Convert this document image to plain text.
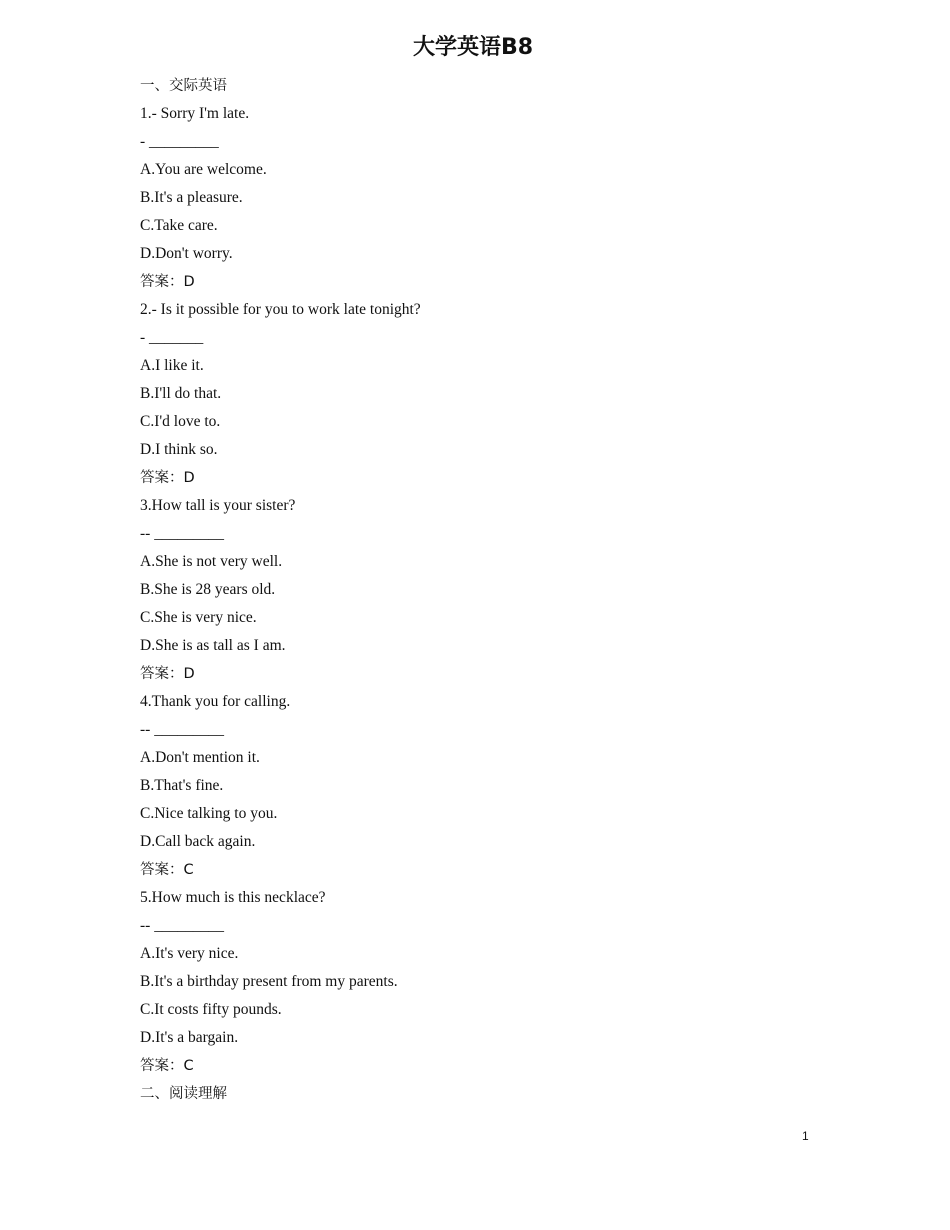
大学英语B8
一、交际英语
1.- Sorry I'm late.
- _________
A.You are welcome.
B.It's a pleasure.
C.Take care.
D.Don't worry.
答案：D
2.- Is it possible for you to work late tonight?
- _______
A.I like it.
B.I'll do that.
C.I'd love to.
D.I think so.
答案：D
3.How tall is your sister?
-- _________
A.She is not very well.
B.She is 28 years old.
C.She is very nice.
D.She is as tall as I am.
答案：D
4.Thank you for calling.
-- _________
A.Don't mention it.
B.That's fine.
C.Nice talking to you.
D.Call back again.
答案：C
5.How much is this necklace?
-- _________
A.It's very nice.
B.It's a birthday present from my parents.
C.It costs fifty pounds.
D.It's a bargain.
答案：C
二、阅读理解
1
